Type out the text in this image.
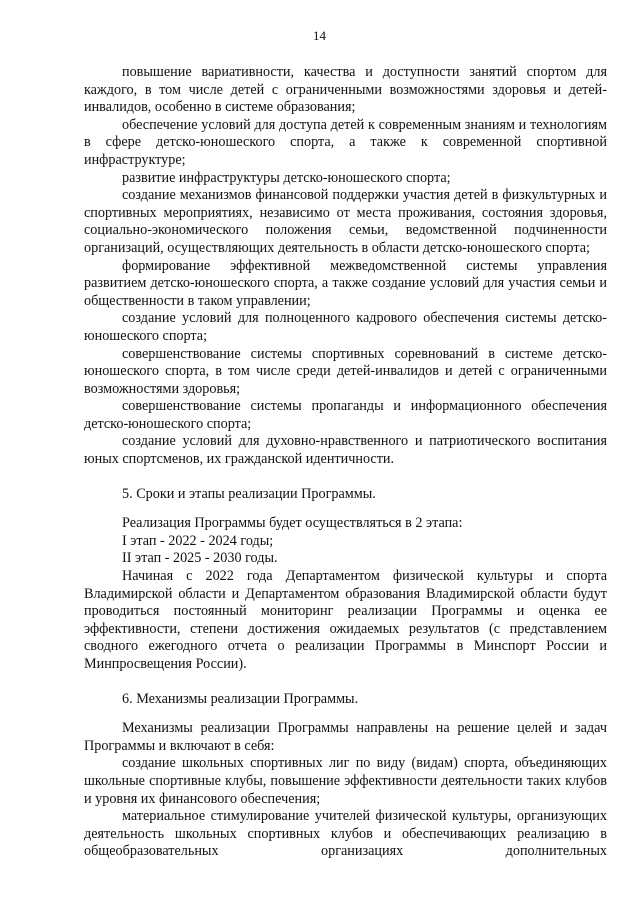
14

повышение вариативности, качества и доступности занятий спортом для каждого, в том числе детей с ограниченными возможностями здоровья и детей-инвалидов, особенно в системе образования;

обеспечение условий для доступа детей к современным знаниям и технологиям в сфере детско-юношеского спорта, а также к современной спортивной инфраструктуре;

развитие инфраструктуры детско-юношеского спорта;

создание механизмов финансовой поддержки участия детей в физкультурных и спортивных мероприятиях, независимо от места проживания, состояния здоровья, социально-экономического положения семьи, ведомственной подчиненности организаций, осуществляющих деятельность в области детско-юношеского спорта;

формирование эффективной межведомственной системы управления развитием детско-юношеского спорта, а также создание условий для участия семьи и общественности в таком управлении;

создание условий для полноценного кадрового обеспечения системы детско-юношеского спорта;

совершенствование системы спортивных соревнований в системе детско-юношеского спорта, в том числе среди детей-инвалидов и детей с ограниченными возможностями здоровья;

совершенствование системы пропаганды и информационного обеспечения детско-юношеского спорта;

создание условий для духовно-нравственного и патриотического воспитания юных спортсменов, их гражданской идентичности.

5. Сроки и этапы реализации Программы.

Реализация Программы будет осуществляться в 2 этапа:

I этап - 2022 - 2024 годы;

II этап - 2025 - 2030 годы.

Начиная с 2022 года Департаментом физической культуры и спорта Владимирской области и Департаментом образования Владимирской области будут проводиться постоянный мониторинг реализации Программы и оценка ее эффективности, степени достижения ожидаемых результатов (с представлением сводного ежегодного отчета о реализации Программы в Минспорт России и Минпросвещения России).

6. Механизмы реализации Программы.

Механизмы реализации Программы направлены на решение целей и задач Программы и включают в себя:

создание школьных спортивных лиг по виду (видам) спорта, объединяющих школьные спортивные клубы, повышение эффективности деятельности таких клубов и уровня их финансового обеспечения;

материальное стимулирование учителей физической культуры, организующих деятельность школьных спортивных клубов и обеспечивающих реализацию в общеобразовательных организациях дополнительных
